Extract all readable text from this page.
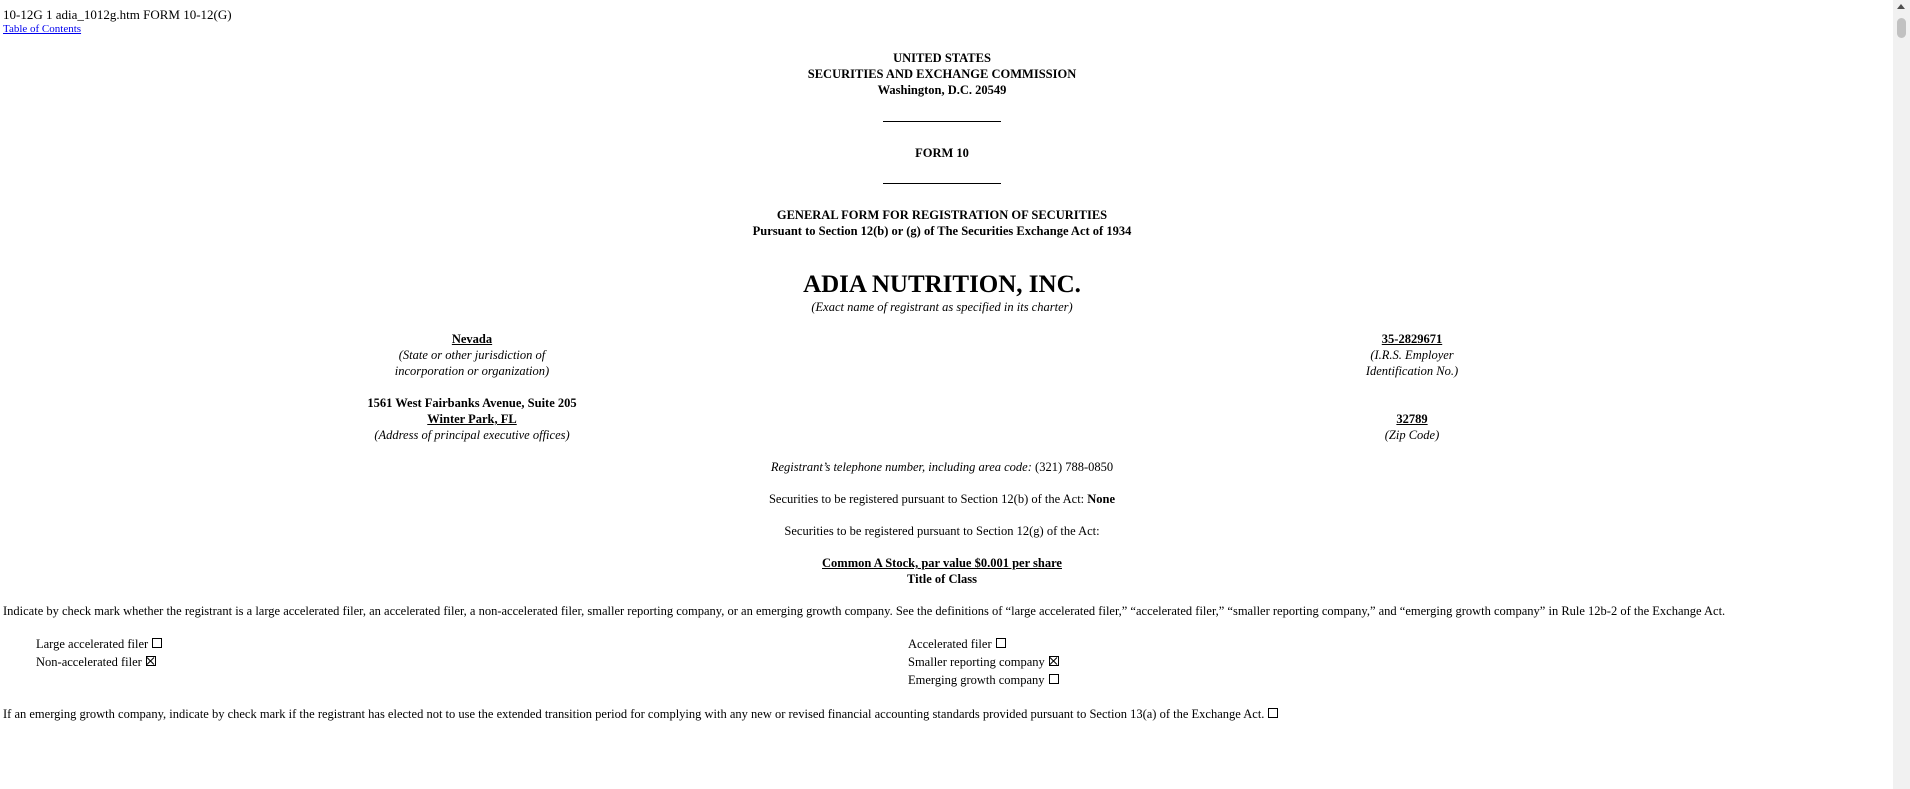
10-12G 1 adia_1012g.htm FORM 10-12(G)
Table of Contents
UNITED STATES
SECURITIES AND EXCHANGE COMMISSION
Washington, D.C. 20549
FORM 10
GENERAL FORM FOR REGISTRATION OF SECURITIES
Pursuant to Section 12(b) or (g) of The Securities Exchange Act of 1934
ADIA NUTRITION, INC.
(Exact name of registrant as specified in its charter)
Nevada
(State or other jurisdiction of
incorporation or organization)
35-2829671
(I.R.S. Employer
Identification No.)
1561 West Fairbanks Avenue, Suite 205
Winter Park, FL
(Address of principal executive offices)
32789
(Zip Code)
Registrant’s telephone number, including area code: (321) 788-0850
Securities to be registered pursuant to Section 12(b) of the Act: None
Securities to be registered pursuant to Section 12(g) of the Act:
Common A Stock, par value $0.001 per share
Title of Class
Indicate by check mark whether the registrant is a large accelerated filer, an accelerated filer, a non-accelerated filer, smaller reporting company, or an emerging growth company. See the definitions of “large accelerated filer,” “accelerated filer,” “smaller reporting company,” and “emerging growth company” in Rule 12b-2 of the Exchange Act.
Large accelerated filer
Non-accelerated filer
Accelerated filer
Smaller reporting company
Emerging growth company
If an emerging growth company, indicate by check mark if the registrant has elected not to use the extended transition period for complying with any new or revised financial accounting standards provided pursuant to Section 13(a) of the Exchange Act.
